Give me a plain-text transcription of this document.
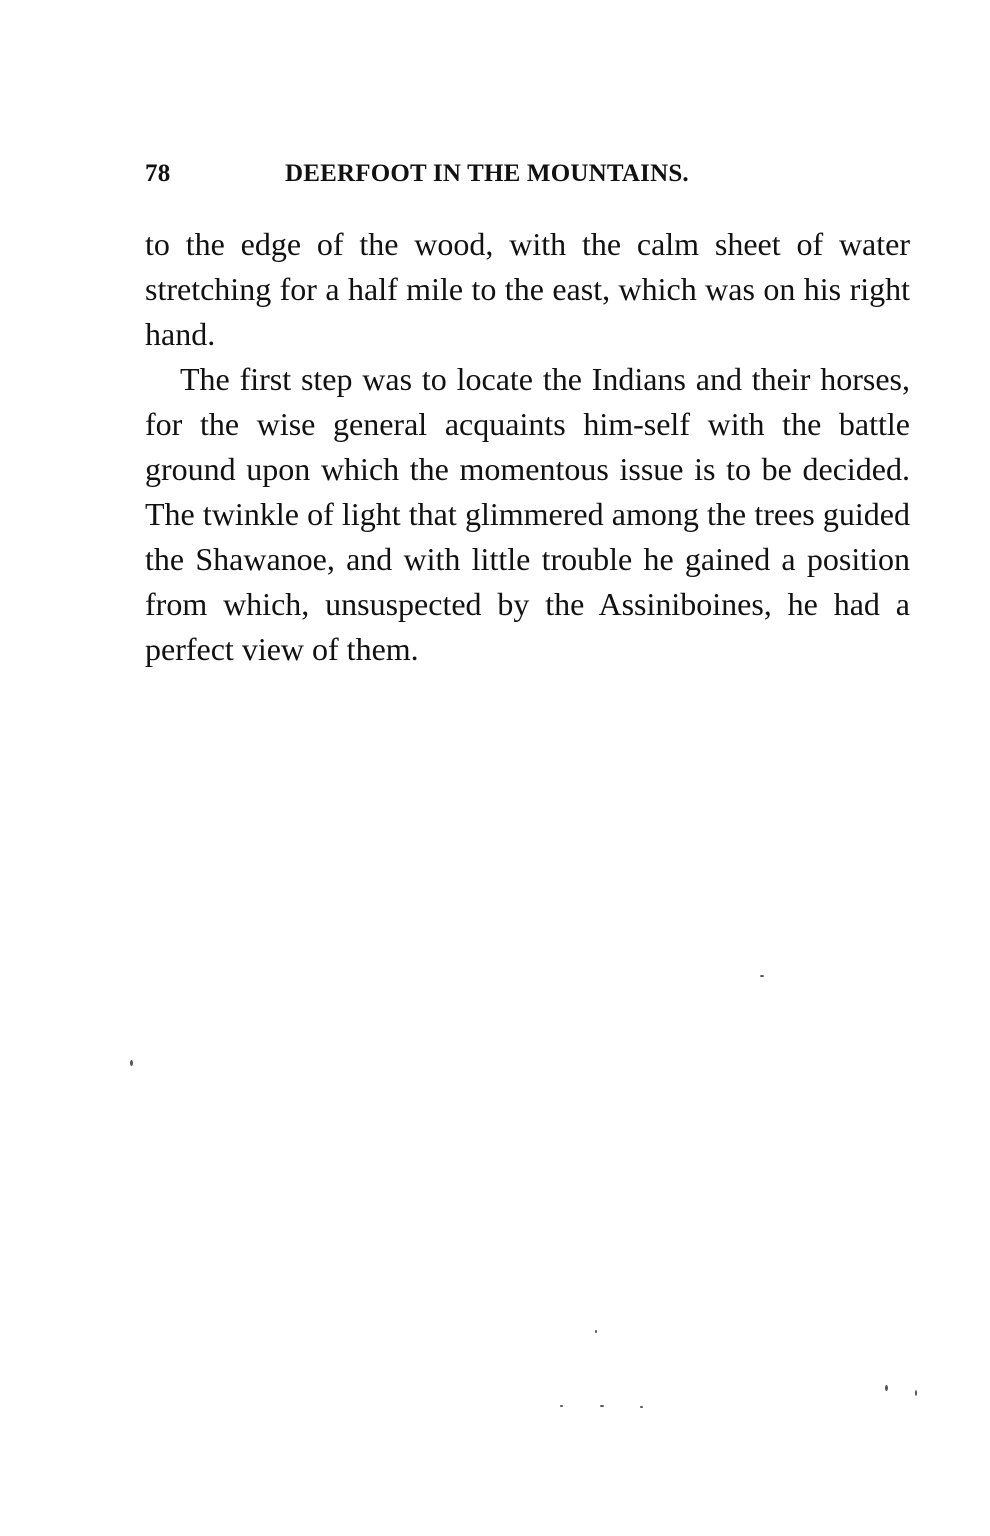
78	DEERFOOT IN THE MOUNTAINS.

to the edge of the wood, with the calm sheet of water stretching for a half mile to the east, which was on his right hand.

The first step was to locate the Indians and their horses, for the wise general acquaints him-self with the battle ground upon which the momentous issue is to be decided. The twinkle of light that glimmered among the trees guided the Shawanoe, and with little trouble he gained a position from which, unsuspected by the Assiniboines, he had a perfect view of them.
